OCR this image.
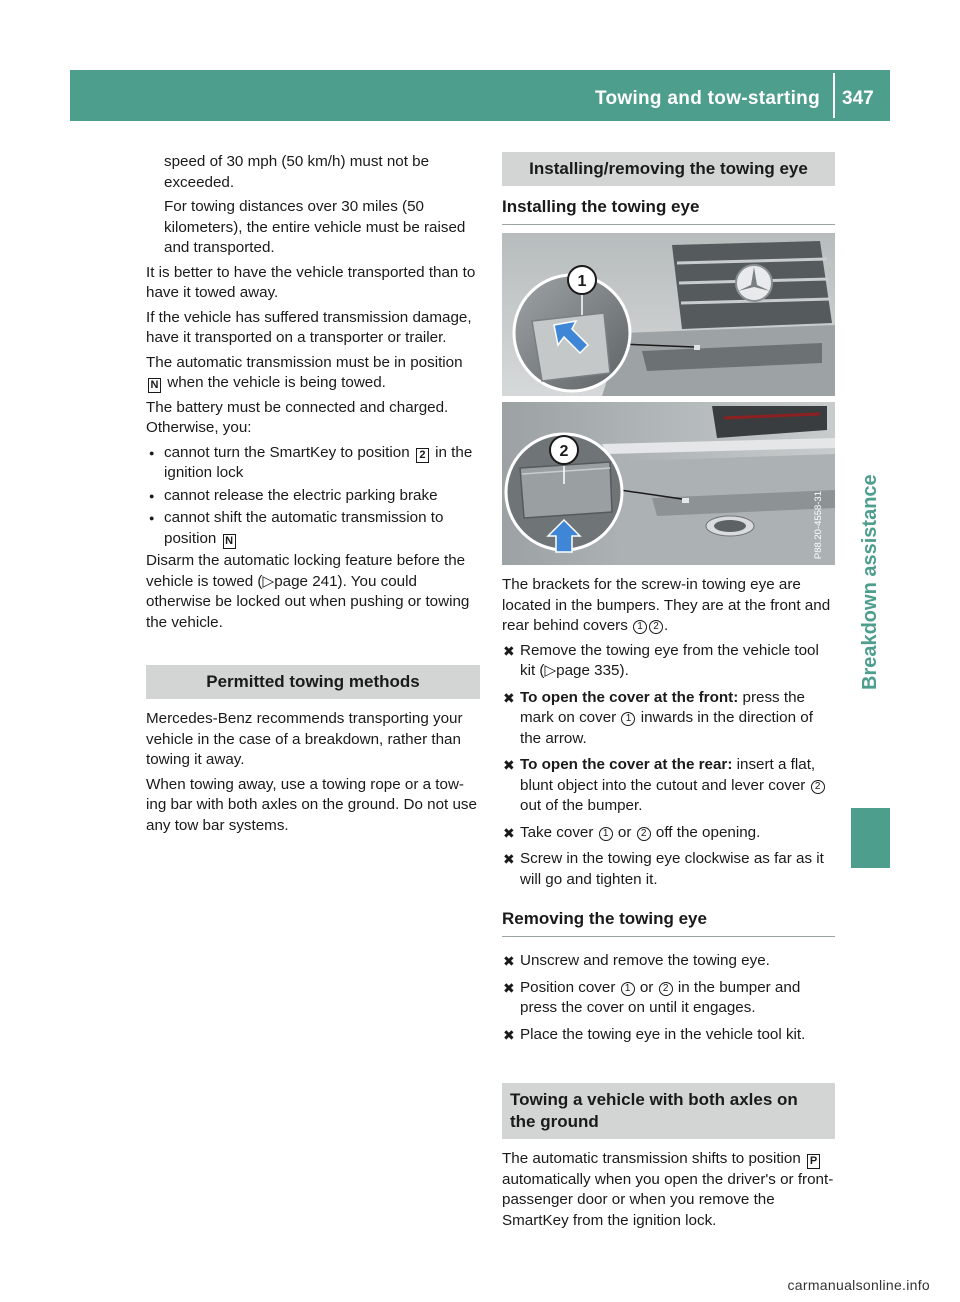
Towing and tow-starting 347
Breakdown assistance

speed of 30 mph (50 km/h) must not be exceeded.

For towing distances over 30 miles (50 kilometers), the entire vehicle must be raised and transported.

It is better to have the vehicle transported than to have it towed away.

If the vehicle has suffered transmission damage, have it transported on a transporter or trailer.

The automatic transmission must be in position N when the vehicle is being towed.

The battery must be connected and charged. Otherwise, you:

● cannot turn the SmartKey to position 2 in the ignition lock
● cannot release the electric parking brake
● cannot shift the automatic transmission to position N

Disarm the automatic locking feature before the vehicle is towed (▷page 241). You could otherwise be locked out when pushing or towing the vehicle.

Permitted towing methods

Mercedes-Benz recommends transporting your vehicle in the case of a breakdown, rather than towing it away.

When towing away, use a towing rope or a tow-ing bar with both axles on the ground. Do not use any tow bar systems.

Installing/removing the towing eye
Installing the towing eye
1
2
P88.20-4558-31

The brackets for the screw-in towing eye are located in the bumpers. They are at the front and rear behind covers 1 2 .

✖ Remove the towing eye from the vehicle tool kit (▷page 335).
✖ To open the cover at the front: press the mark on cover 1 inwards in the direction of the arrow.
✖ To open the cover at the rear: insert a flat, blunt object into the cutout and lever cover 2 out of the bumper.
✖ Take cover 1 or 2 off the opening.
✖ Screw in the towing eye clockwise as far as it will go and tighten it.
Removing the towing eye
✖ Unscrew and remove the towing eye.
✖ Position cover 1 or 2 in the bumper and press the cover on until it engages.
✖ Place the towing eye in the vehicle tool kit.
Towing a vehicle with both axles on the ground

The automatic transmission shifts to position P automatically when you open the driver's or front-passenger door or when you remove the SmartKey from the ignition lock.

carmanualsonline.info
